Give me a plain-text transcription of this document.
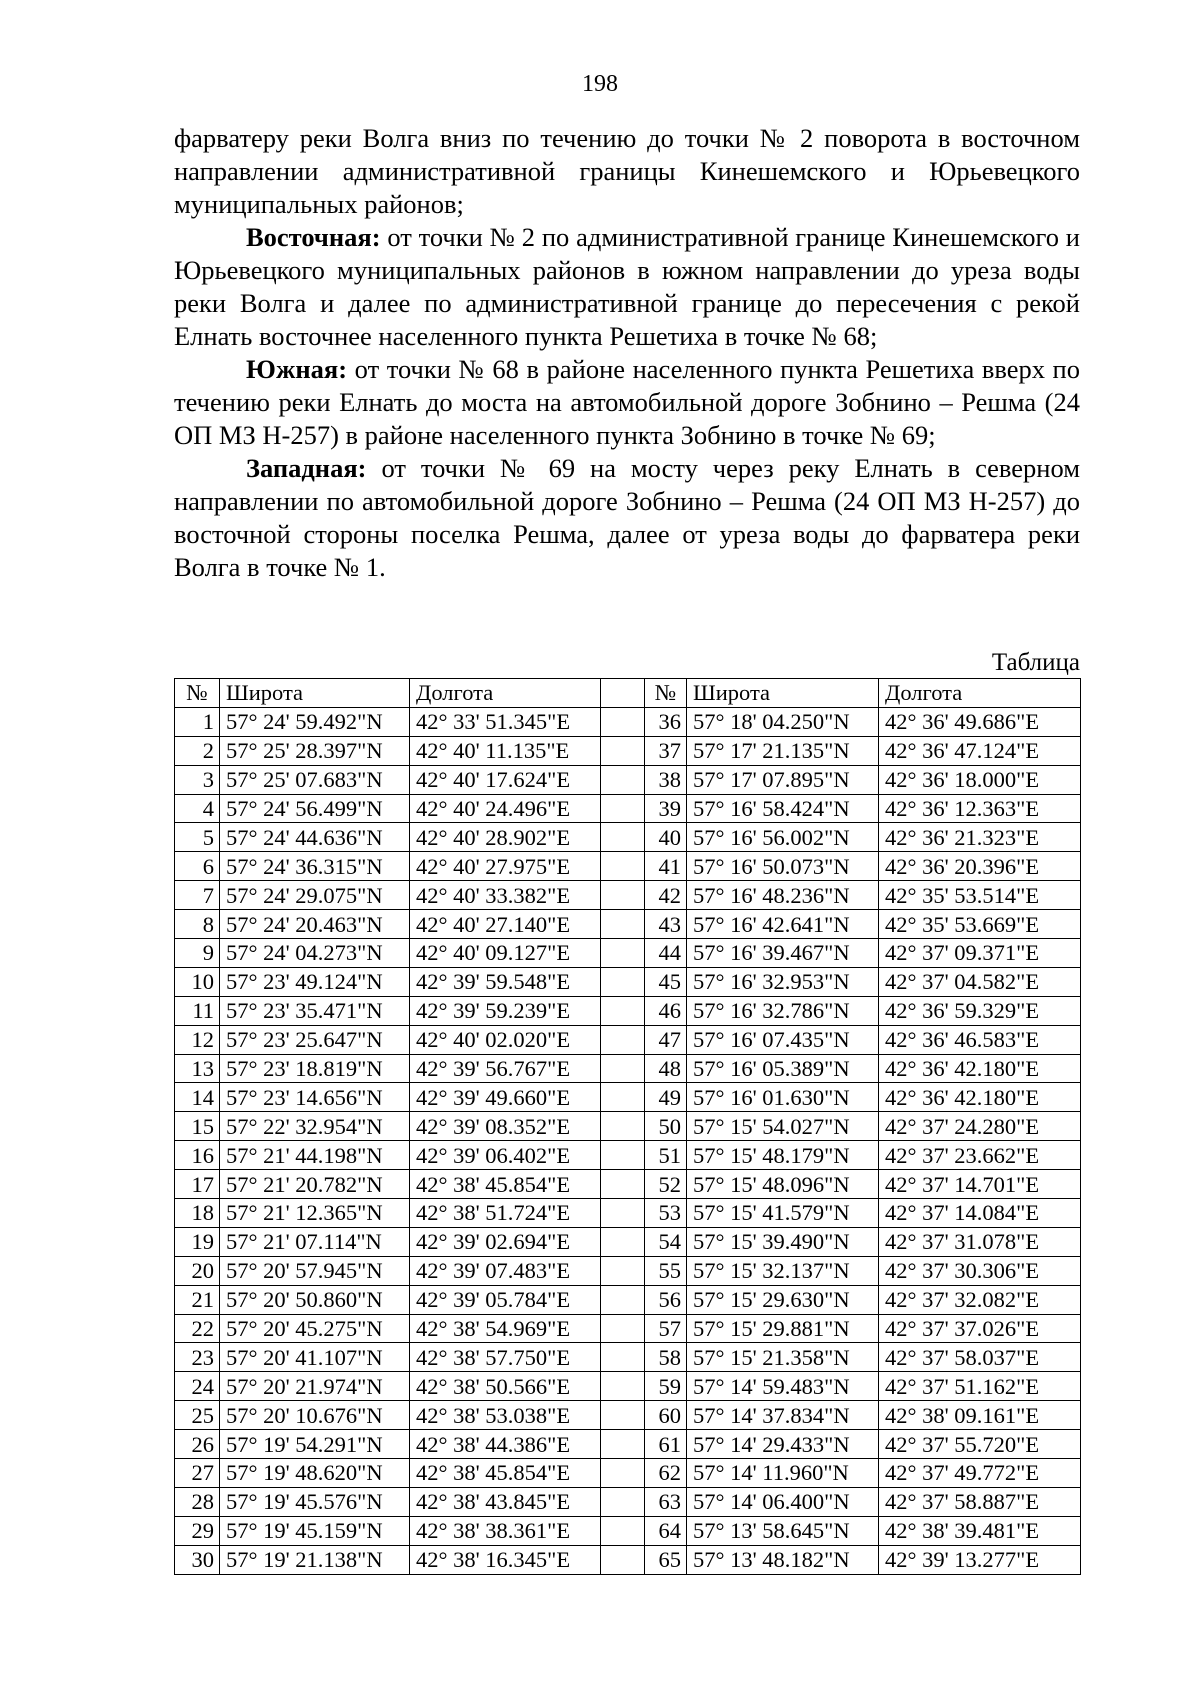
198

фарватеру реки Волга вниз по течению до точки № 2 поворота в восточном направлении административной границы Кинешемского и Юрьевецкого муниципальных районов;

Восточная: от точки № 2 по административной границе Кинешемского и Юрьевецкого муниципальных районов в южном направлении до уреза воды реки Волга и далее по административной границе до пересечения с рекой Елнать восточнее населенного пункта Решетиха в точке № 68;

Южная: от точки № 68 в районе населенного пункта Решетиха вверх по течению реки Елнать до моста на автомобильной дороге Зобнино – Решма (24 ОП МЗ Н-257) в районе населенного пункта Зобнино в точке № 69;

Западная: от точки № 69 на мосту через реку Елнать в северном направлении по автомобильной дороге Зобнино – Решма (24 ОП МЗ Н-257) до восточной стороны поселка Решма, далее от уреза воды до фарватера реки Волга в точке № 1.

Таблица
№	Широта	Долгота		№	Широта	Долгота
1	57° 24' 59.492"N	42° 33' 51.345"E		36	57° 18' 04.250"N	42° 36' 49.686"E
2	57° 25' 28.397"N	42° 40' 11.135"E		37	57° 17' 21.135"N	42° 36' 47.124"E
3	57° 25' 07.683"N	42° 40' 17.624"E		38	57° 17' 07.895"N	42° 36' 18.000"E
4	57° 24' 56.499"N	42° 40' 24.496"E		39	57° 16' 58.424"N	42° 36' 12.363"E
5	57° 24' 44.636"N	42° 40' 28.902"E		40	57° 16' 56.002"N	42° 36' 21.323"E
6	57° 24' 36.315"N	42° 40' 27.975"E		41	57° 16' 50.073"N	42° 36' 20.396"E
7	57° 24' 29.075"N	42° 40' 33.382"E		42	57° 16' 48.236"N	42° 35' 53.514"E
8	57° 24' 20.463"N	42° 40' 27.140"E		43	57° 16' 42.641"N	42° 35' 53.669"E
9	57° 24' 04.273"N	42° 40' 09.127"E		44	57° 16' 39.467"N	42° 37' 09.371"E
10	57° 23' 49.124"N	42° 39' 59.548"E		45	57° 16' 32.953"N	42° 37' 04.582"E
11	57° 23' 35.471"N	42° 39' 59.239"E		46	57° 16' 32.786"N	42° 36' 59.329"E
12	57° 23' 25.647"N	42° 40' 02.020"E		47	57° 16' 07.435"N	42° 36' 46.583"E
13	57° 23' 18.819"N	42° 39' 56.767"E		48	57° 16' 05.389"N	42° 36' 42.180"E
14	57° 23' 14.656"N	42° 39' 49.660"E		49	57° 16' 01.630"N	42° 36' 42.180"E
15	57° 22' 32.954"N	42° 39' 08.352"E		50	57° 15' 54.027"N	42° 37' 24.280"E
16	57° 21' 44.198"N	42° 39' 06.402"E		51	57° 15' 48.179"N	42° 37' 23.662"E
17	57° 21' 20.782"N	42° 38' 45.854"E		52	57° 15' 48.096"N	42° 37' 14.701"E
18	57° 21' 12.365"N	42° 38' 51.724"E		53	57° 15' 41.579"N	42° 37' 14.084"E
19	57° 21' 07.114"N	42° 39' 02.694"E		54	57° 15' 39.490"N	42° 37' 31.078"E
20	57° 20' 57.945"N	42° 39' 07.483"E		55	57° 15' 32.137"N	42° 37' 30.306"E
21	57° 20' 50.860"N	42° 39' 05.784"E		56	57° 15' 29.630"N	42° 37' 32.082"E
22	57° 20' 45.275"N	42° 38' 54.969"E		57	57° 15' 29.881"N	42° 37' 37.026"E
23	57° 20' 41.107"N	42° 38' 57.750"E		58	57° 15' 21.358"N	42° 37' 58.037"E
24	57° 20' 21.974"N	42° 38' 50.566"E		59	57° 14' 59.483"N	42° 37' 51.162"E
25	57° 20' 10.676"N	42° 38' 53.038"E		60	57° 14' 37.834"N	42° 38' 09.161"E
26	57° 19' 54.291"N	42° 38' 44.386"E		61	57° 14' 29.433"N	42° 37' 55.720"E
27	57° 19' 48.620"N	42° 38' 45.854"E		62	57° 14' 11.960"N	42° 37' 49.772"E
28	57° 19' 45.576"N	42° 38' 43.845"E		63	57° 14' 06.400"N	42° 37' 58.887"E
29	57° 19' 45.159"N	42° 38' 38.361"E		64	57° 13' 58.645"N	42° 38' 39.481"E
30	57° 19' 21.138"N	42° 38' 16.345"E		65	57° 13' 48.182"N	42° 39' 13.277"E
